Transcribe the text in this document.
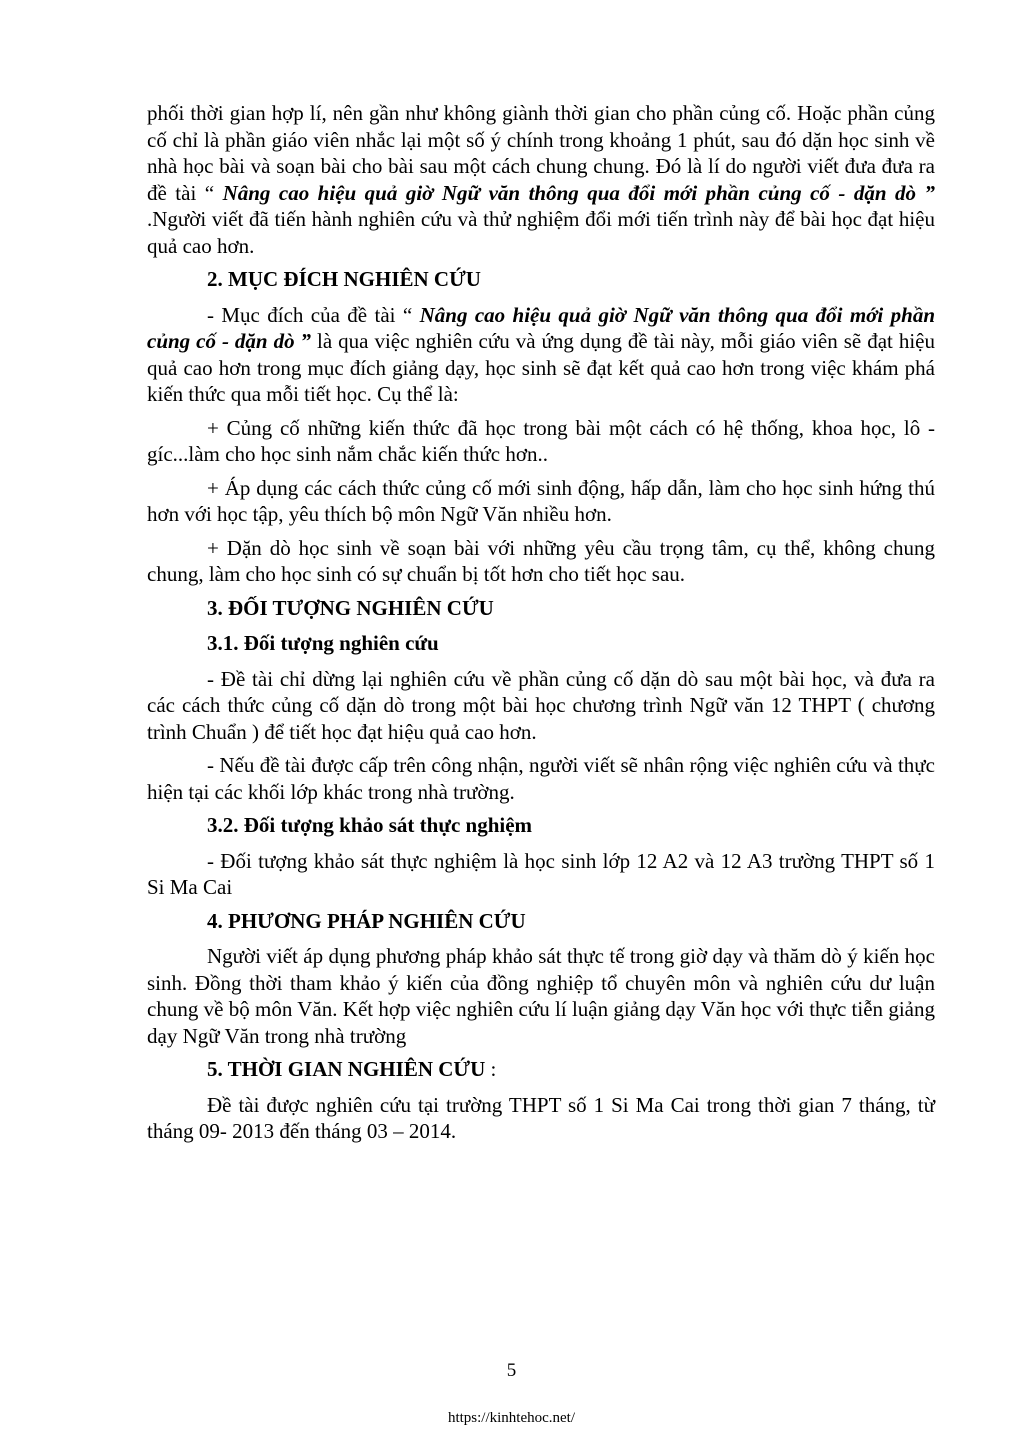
phối thời gian hợp lí, nên gần như không giành thời gian cho phần củng cố. Hoặc phần củng cố chỉ là phần giáo viên nhắc lại một số ý chính trong khoảng 1 phút, sau đó dặn học sinh về nhà học bài và soạn bài cho bài sau một cách chung chung. Đó là lí do người viết đưa đưa ra đề tài “ Nâng cao hiệu quả giờ Ngữ văn thông qua đổi mới phần củng cố - dặn dò ” .Người viết đã tiến hành nghiên cứu và thử nghiệm đổi mới tiến trình này để bài học đạt hiệu quả cao hơn.

2. MỤC ĐÍCH NGHIÊN CỨU

- Mục đích của đề tài “ Nâng cao hiệu quả giờ Ngữ văn thông qua đổi mới phần củng cố - dặn dò ” là qua việc nghiên cứu và ứng dụng đề tài này, mỗi giáo viên sẽ đạt hiệu quả cao hơn trong mục đích giảng dạy, học sinh sẽ đạt kết quả cao hơn trong việc khám phá kiến thức qua mỗi tiết học. Cụ thể là:

+ Củng cố những kiến thức đã học trong bài một cách có hệ thống, khoa học, lô - gíc...làm cho học sinh nắm chắc kiến thức hơn..

+ Áp dụng các cách thức củng cố mới sinh động, hấp dẫn, làm cho học sinh hứng thú hơn với học tập, yêu thích bộ môn Ngữ Văn nhiều hơn.

+ Dặn dò học sinh về soạn bài với những yêu cầu trọng tâm, cụ thể, không chung chung, làm cho học sinh có sự chuẩn bị tốt hơn cho tiết học sau.

3. ĐỐI TƯỢNG NGHIÊN CỨU
3.1. Đối tượng nghiên cứu

- Đề tài chỉ dừng lại nghiên cứu về phần củng cố dặn dò sau một bài học, và đưa ra các cách thức củng cố dặn dò trong một bài học chương trình Ngữ văn 12 THPT ( chương trình Chuẩn ) để tiết học đạt hiệu quả cao hơn.

- Nếu đề tài được cấp trên công nhận, người viết sẽ nhân rộng việc nghiên cứu và thực hiện tại các khối lớp khác trong nhà trường.

3.2. Đối tượng khảo sát thực nghiệm

- Đối tượng khảo sát thực nghiệm là học sinh lớp 12 A2 và 12 A3 trường THPT số 1 Si Ma Cai

4. PHƯƠNG PHÁP NGHIÊN CỨU

Người viết áp dụng phương pháp khảo sát thực tế trong giờ dạy và thăm dò ý kiến học sinh. Đồng thời tham khảo ý kiến của đồng nghiệp tổ chuyên môn và nghiên cứu dư luận chung về bộ môn Văn. Kết hợp việc nghiên cứu lí luận giảng dạy Văn học với thực tiễn giảng dạy Ngữ Văn trong nhà trường

5. THỜI GIAN NGHIÊN CỨU :

Đề tài được nghiên cứu tại trường THPT số 1 Si Ma Cai trong thời gian 7 tháng, từ tháng 09- 2013 đến tháng 03 – 2014.

5
https://kinhtehoc.net/
